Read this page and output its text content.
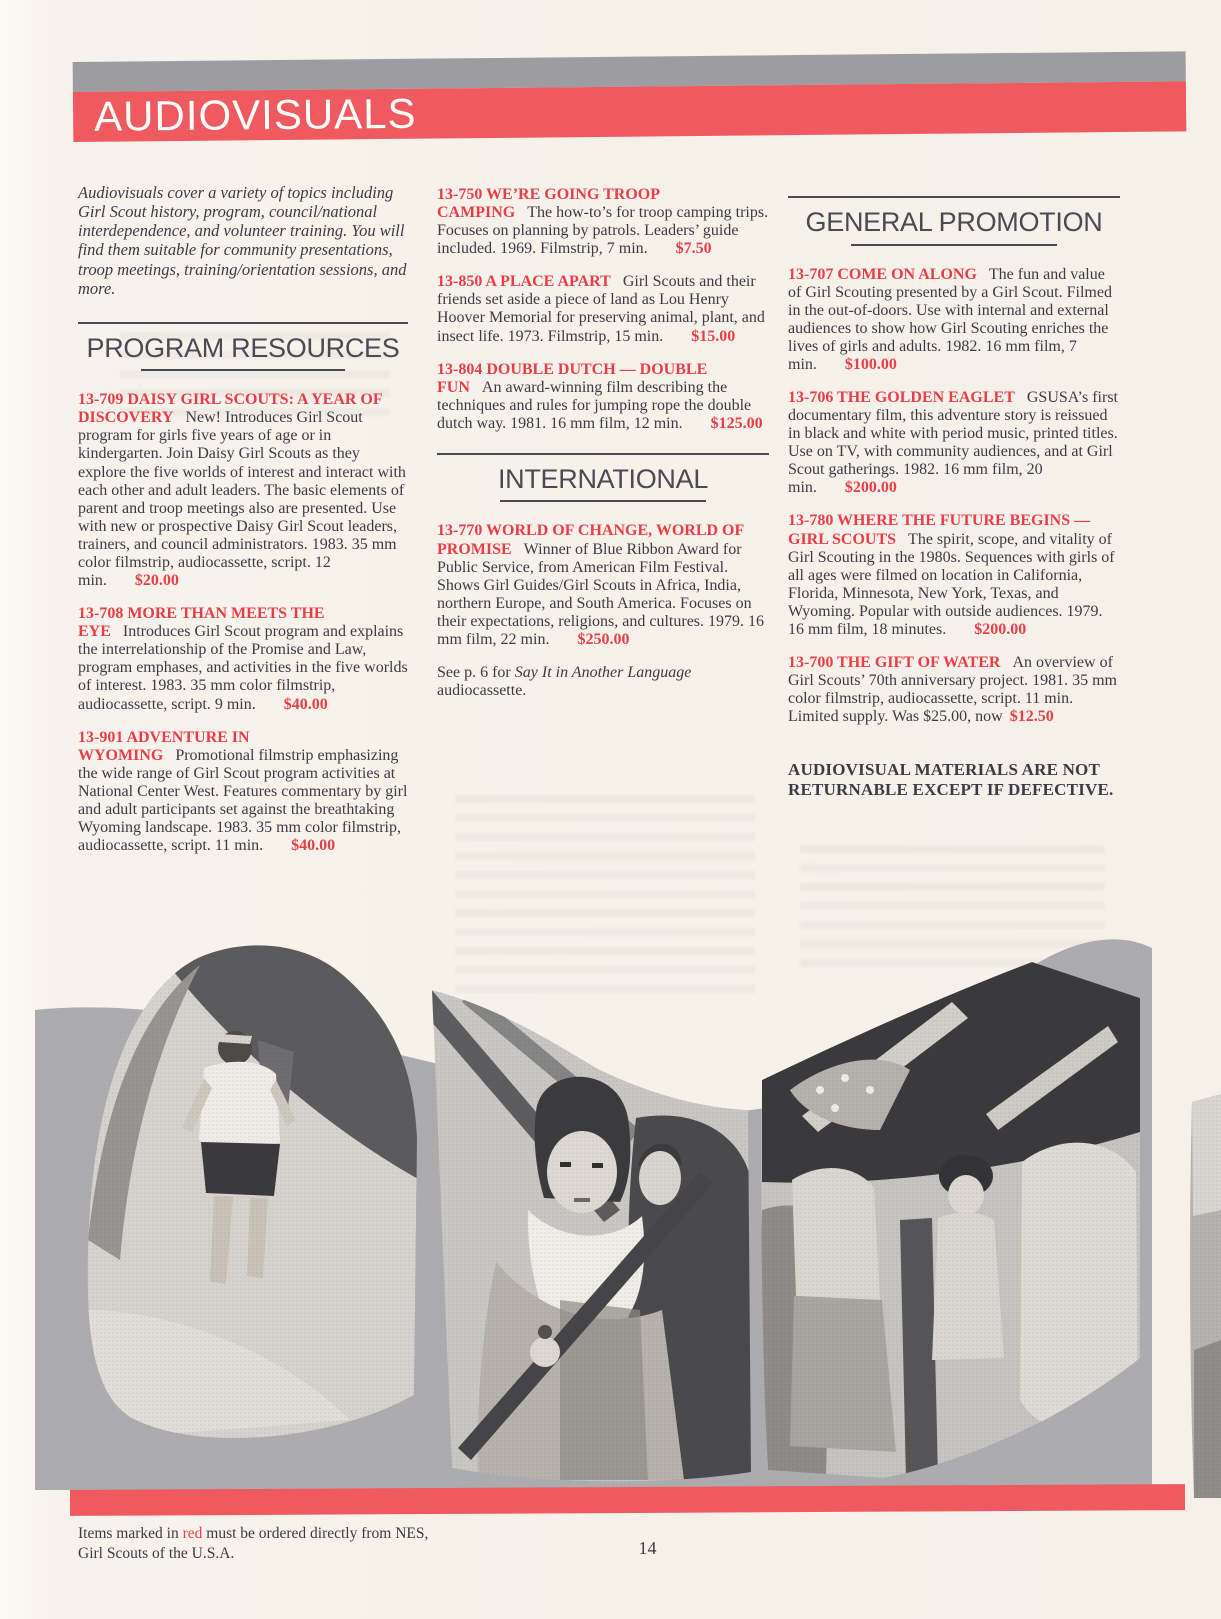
AUDIOVISUALS

Audiovisuals cover a variety of topics including Girl Scout history, program, council/national interdependence, and volunteer training. You will find them suitable for community presentations, troop meetings, training/orientation sessions, and more.

PROGRAM RESOURCES

13-709 DAISY GIRL SCOUTS: A YEAR OF DISCOVERY New! Introduces Girl Scout program for girls five years of age or in kindergarten. Join Daisy Girl Scouts as they explore the five worlds of interest and interact with each other and adult leaders. The basic elements of parent and troop meetings also are presented. Use with new or prospective Daisy Girl Scout leaders, trainers, and council administrators. 1983. 35 mm color filmstrip, audiocassette, script. 12 min. $20.00

13-708 MORE THAN MEETS THE EYE Introduces Girl Scout program and explains the interrelationship of the Promise and Law, program emphases, and activities in the five worlds of interest. 1983. 35 mm color filmstrip, audiocassette, script. 9 min. $40.00

13-901 ADVENTURE IN WYOMING Promotional filmstrip emphasizing the wide range of Girl Scout program activities at National Center West. Features commentary by girl and adult participants set against the breathtaking Wyoming landscape. 1983. 35 mm color filmstrip, audiocassette, script. 11 min. $40.00

13-750 WE’RE GOING TROOP CAMPING The how-to’s for troop camping trips. Focuses on planning by patrols. Leaders’ guide included. 1969. Filmstrip, 7 min. $7.50

13-850 A PLACE APART Girl Scouts and their friends set aside a piece of land as Lou Henry Hoover Memorial for preserving animal, plant, and insect life. 1973. Filmstrip, 15 min. $15.00

13-804 DOUBLE DUTCH — DOUBLE FUN An award-winning film describing the techniques and rules for jumping rope the double dutch way. 1981. 16 mm film, 12 min. $125.00

INTERNATIONAL

13-770 WORLD OF CHANGE, WORLD OF PROMISE Winner of Blue Ribbon Award for Public Service, from American Film Festival. Shows Girl Guides/Girl Scouts in Africa, India, northern Europe, and South America. Focuses on their expectations, religions, and cultures. 1979. 16 mm film, 22 min. $250.00

See p. 6 for Say It in Another Language audiocassette.

GENERAL PROMOTION

13-707 COME ON ALONG The fun and value of Girl Scouting presented by a Girl Scout. Filmed in the out-of-doors. Use with internal and external audiences to show how Girl Scouting enriches the lives of girls and adults. 1982. 16 mm film, 7 min. $100.00

13-706 THE GOLDEN EAGLET GSUSA’s first documentary film, this adventure story is reissued in black and white with period music, printed titles. Use on TV, with community audiences, and at Girl Scout gatherings. 1982. 16 mm film, 20 min. $200.00

13-780 WHERE THE FUTURE BEGINS — GIRL SCOUTS The spirit, scope, and vitality of Girl Scouting in the 1980s. Sequences with girls of all ages were filmed on location in California, Florida, Minnesota, New York, Texas, and Wyoming. Popular with outside audiences. 1979. 16 mm film, 18 minutes. $200.00

13-700 THE GIFT OF WATER An overview of Girl Scouts’ 70th anniversary project. 1981. 35 mm color filmstrip, audiocassette, script. 11 min. Limited supply. Was $25.00, now $12.50

AUDIOVISUAL MATERIALS ARE NOT RETURNABLE EXCEPT IF DEFECTIVE.

Items marked in red must be ordered directly from NES,
Girl Scouts of the U.S.A.	14
